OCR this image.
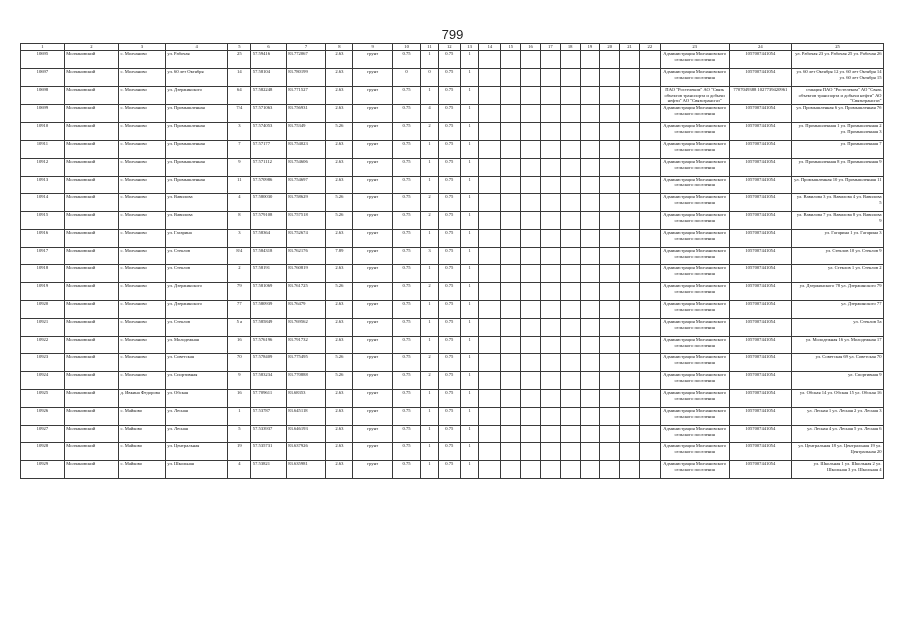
799
1	2	3	4	5	6	7	8	9	10	11	12	13	14	15	16	17	18	19	20	21	22	23	24	25
10695	Молчановский	с. Молчаново	ул. Рабочая	25	57.59416	83.772067	2.63	грунт	0.75	1	0.75	1										Администрация Молчановского сельского поселения	1057007441054	ул. Рабочая 23 ул. Рабочая 25 ул. Рабочая 26
10697	Молчановский	с. Молчаново	ул. 60 лет Октября	14	57.58104	83.780199	2.63	грунт	0	0	0.75	1										Администрация Молчановского сельского поселения	1057007441054	ул. 60 лет Октября 12 ул. 60 лет Октября 14 ул. 60 лет Октября 15
10698	Молчановский	с. Молчаново	ул. Дзержинского	64	57.582248	83.771527	2.63	грунт	0.75	1	0.75	1										ПАО "Ростелеком" АО "Связь объектов транспорта и добычи нефти" АО "Связьтрансгаз"	7707049388 1027739420961	станция ПАО "Ростелеком" АО "Связь объектов транспорта и добычи нефти" АО "Связьтрансгаз"
10699	Молчановский	с. Молчаново	ул. Промышленная	7/4	57.571063	83.756931	2.63	грунт	0.75	4	0.75	1										Администрация Молчановского сельского поселения	1057007441054	ул. Промышленная 6 ул. Промышленная 7б
10910	Молчановский	с. Молчаново	ул. Промышленная	3	57.574053	83.75349	5.26	грунт	0.75	2	0.75	1										Администрация Молчановского сельского поселения	1057007441054	ул. Промышленная 1 ул. Промышленная 2 ул. Промышленная 3
10911	Молчановский	с. Молчаново	ул. Промышленная	7	57.57177	83.754023	2.63	грунт	0.75	1	0.75	1										Администрация Молчановского сельского поселения	1057007441054	ул. Промышленная 7
10912	Молчановский	с. Молчаново	ул. Промышленная	9	57.571112	83.754606	2.63	грунт	0.75	1	0.75	1										Администрация Молчановского сельского поселения	1057007441054	ул. Промышленная 8 ул. Промышленная 9
10913	Молчановский	с. Молчаново	ул. Промышленная	11	57.570986	83.754697	2.63	грунт	0.75	1	0.75	1										Администрация Молчановского сельского поселения	1057007441054	ул. Промышленная 10 ул. Промышленная 11
10914	Молчановский	с. Молчаново	ул. Вавилова	4	57.580030	83.758629	5.26	грунт	0.75	2	0.75	1										Администрация Молчановского сельского поселения	1057007441054	ул. Вавилова 3 ул. Вавилова 4 ул. Вавилова 5
10915	Молчановский	с. Молчаново	ул. Вавилова	8	57.579108	83.757518	5.26	грунт	0.75	2	0.75	1										Администрация Молчановского сельского поселения	1057007441054	ул. Вавилова 7 ул. Вавилова 8 ул. Вавилова 9
10916	Молчановский	с. Молчаново	ул. Гагарина	3	57.58364	83.752674	2.63	грунт	0.75	1	0.75	1										Администрация Молчановского сельского поселения	1057007441054	ул. Гагарина 1 ул. Гагарина 3
10917	Молчановский	с. Молчаново	ул. Стеклов	8/4	57.584318	83.762176	7.89	грунт	0.75	3	0.75	1										Администрация Молчановского сельского поселения	1057007441054	ул. Стеклов 10 ул. Стеклов 9
10918	Молчановский	с. Молчаново	ул. Стеклов	2	57.58191	83.760819	2.63	грунт	0.75	1	0.75	1										Администрация Молчановского сельского поселения	1057007441054	ул. Стеклов 1 ул. Стеклов 2
10919	Молчановский	с. Молчаново	ул. Дзержинского	79	57.581069	83.761725	5.26	грунт	0.75	2	0.75	1										Администрация Молчановского сельского поселения	1057007441054	ул. Дзержинского 78 ул. Дзержинского 79
10920	Молчановский	с. Молчаново	ул. Дзержинского	77	57.580939	83.76479	2.63	грунт	0.75	1	0.75	1										Администрация Молчановского сельского поселения	1057007441054	ул. Дзержинского 77
10921	Молчановский	с. Молчаново	ул. Стеклов	5 а	57.585849	83.769562	2.63	грунт	0.75	1	0.75	1										Администрация Молчановского сельского поселения	1057007441054	ул. Стеклов 5а
10922	Молчановский	с. Молчаново	ул. Молодежная	16	57.576196	83.791732	2.63	грунт	0.75	1	0.75	1										Администрация Молчановского сельского поселения	1057007441054	ул. Молодежная 16 ул. Молодежная 17
10923	Молчановский	с. Молчаново	ул. Советская	70	57.578409	83.775495	5.26	грунт	0.75	2	0.75	1										Администрация Молчановского сельского поселения	1057007441054	ул. Советская 69 ул. Советская 70
10924	Молчановский	с. Молчаново	ул. Спортивная	9	57.583234	83.770888	5.26	грунт	0.75	2	0.75	1										Администрация Молчановского сельского поселения	1057007441054	ул. Спортивная 9
10925	Молчановский	д. Ивкина Федорова	ул. Обская	16	57.709611	83.68353	2.63	грунт	0.75	1	0.75	1										Администрация Молчановского сельского поселения	1057007441054	ул. Обская 14 ул. Обская 15 ул. Обская 16
10926	Молчановский	с. Майково	ул. Лесная	1	57.53787	83.645118	2.63	грунт	0.75	1	0.75	1										Администрация Молчановского сельского поселения	1057007441054	ул. Лесная 1 ул. Лесная 2 ул. Лесная 3
10927	Молчановский	с. Майково	ул. Лесная	5	57.533937	83.646193	2.63	грунт	0.75	1	0.75	1										Администрация Молчановского сельского поселения	1057007441054	ул. Лесная 4 ул. Лесная 5 ул. Лесная 6
10928	Молчановский	с. Майково	ул. Центральная	19	57.535731	83.637926	2.63	грунт	0.75	1	0.75	1										Администрация Молчановского сельского поселения	1057007441054	ул. Центральная 18 ул. Центральная 19 ул. Центральная 20
10929	Молчановский	с. Майково	ул. Школьная	4	57.53821	83.635981	2.63	грунт	0.75	1	0.75	1										Администрация Молчановского сельского поселения	1057007441054	ул. Школьная 1 ул. Школьная 2 ул. Школьная 3 ул. Школьная 4
